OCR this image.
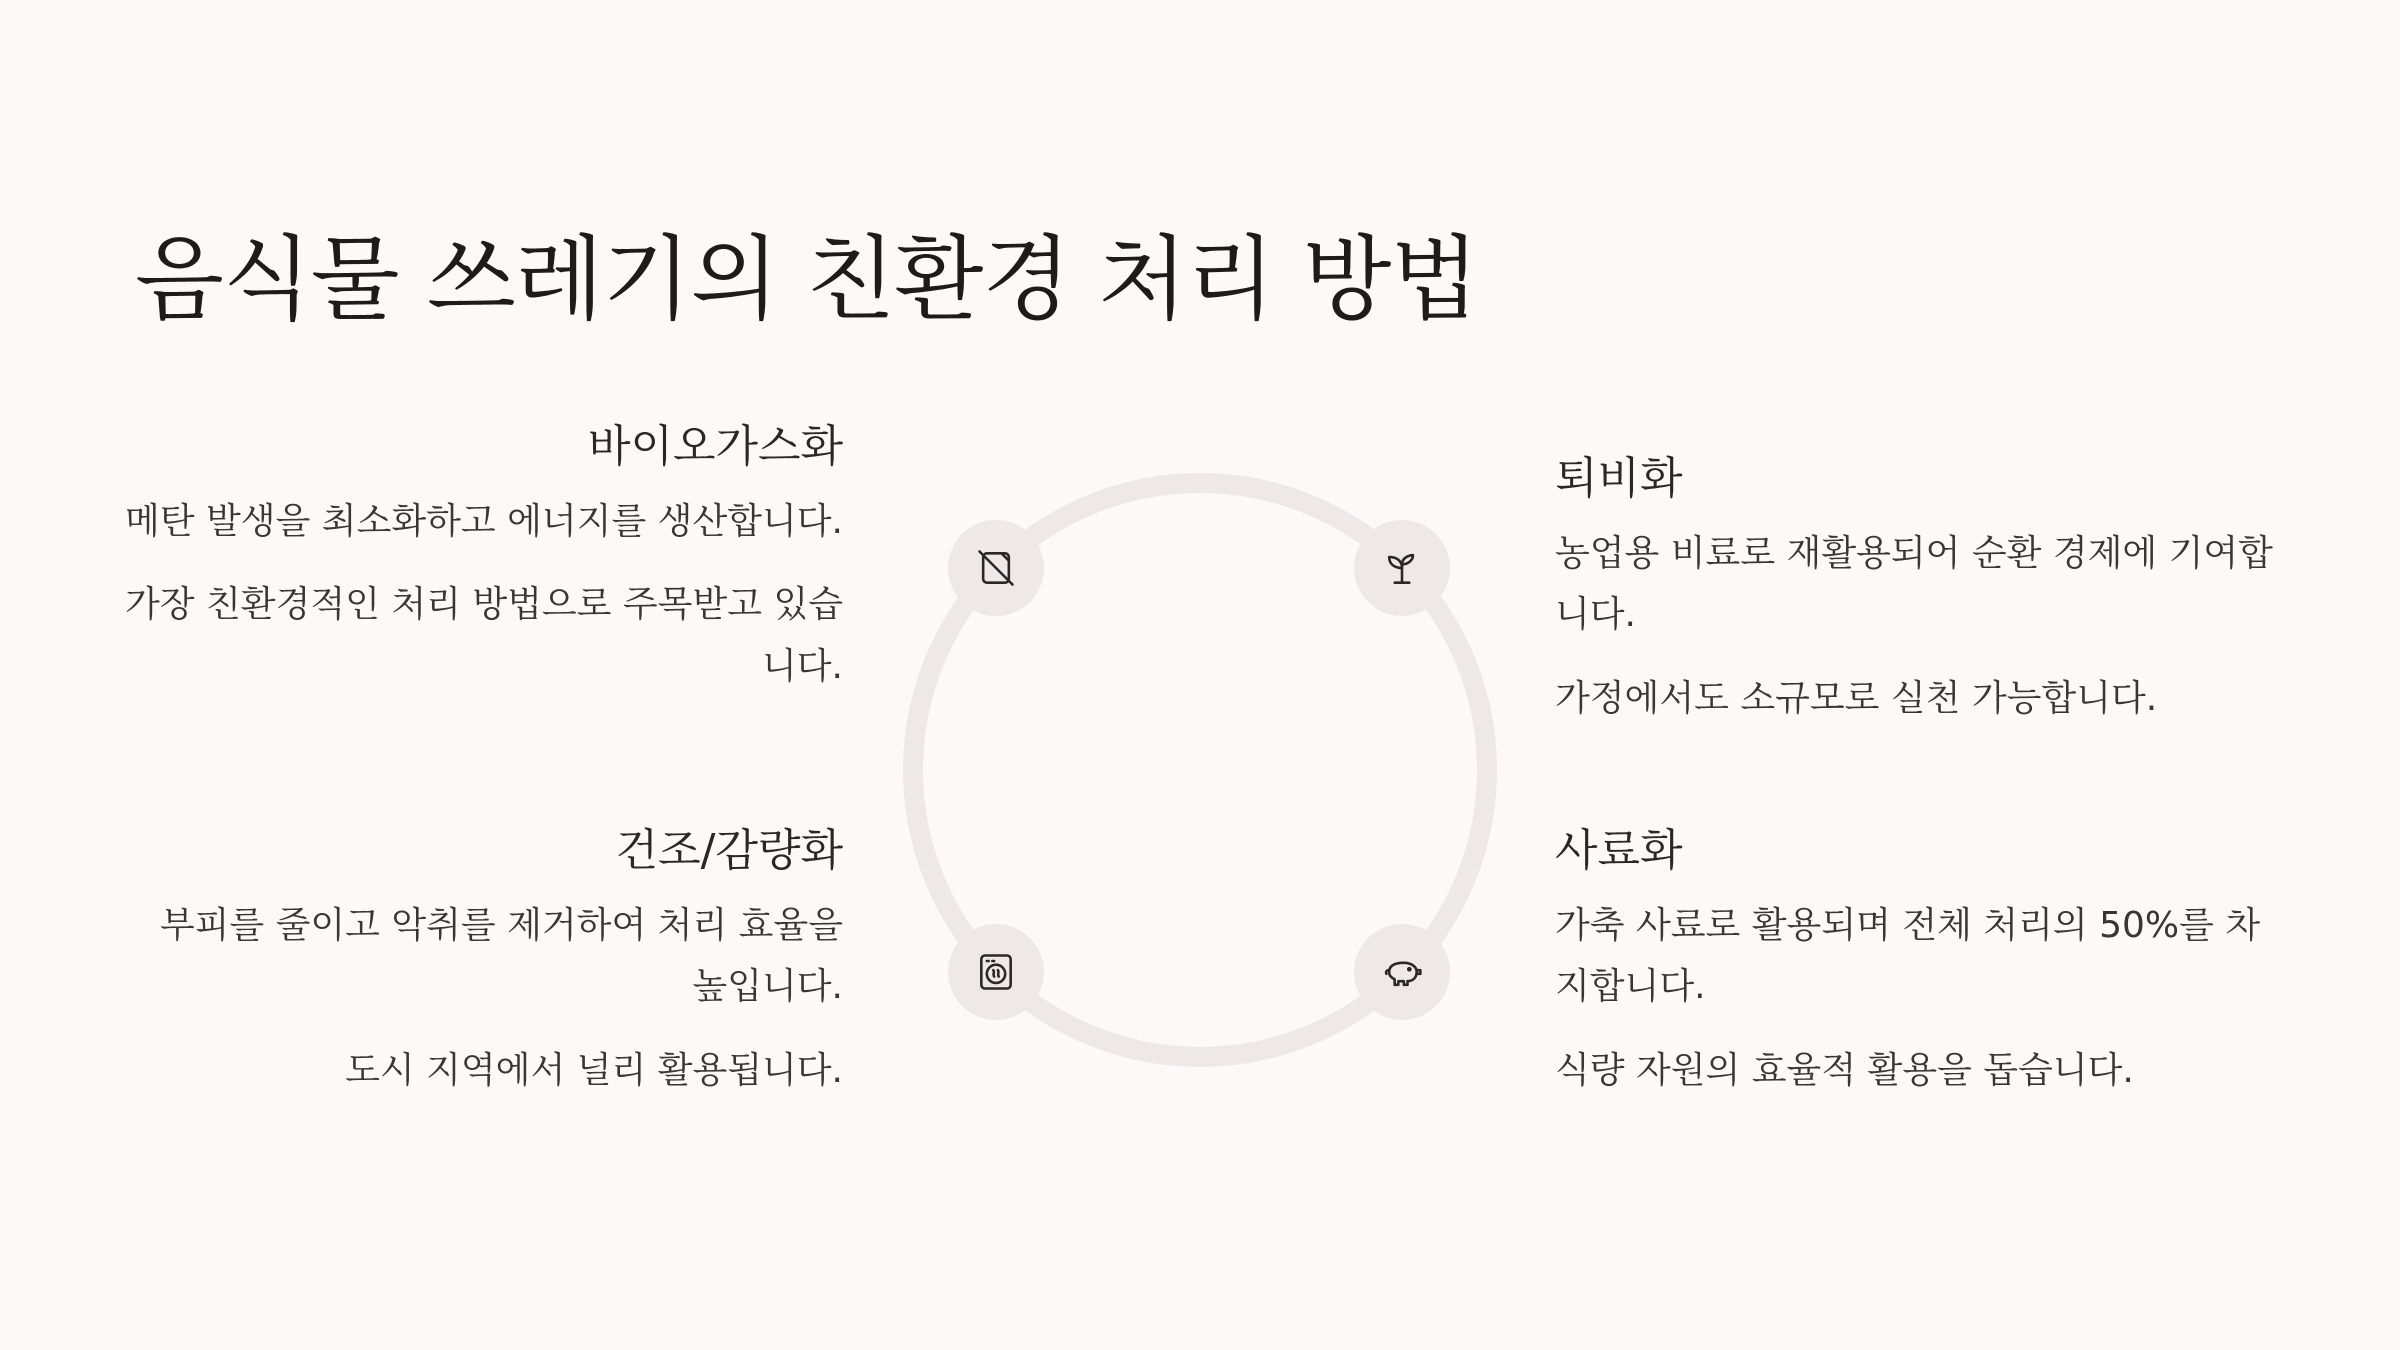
음식물 쓰레기의 친환경 처리 방법
바이오가스화

메탄 발생을 최소화하고 에너지를 생산합니다.

가장 친환경적인 처리 방법으로 주목받고 있습니다.

건조/감량화

부피를 줄이고 악취를 제거하여 처리 효율을 높입니다.

도시 지역에서 널리 활용됩니다.

퇴비화

농업용 비료로 재활용되어 순환 경제에 기여합니다.

가정에서도 소규모로 실천 가능합니다.

사료화

가축 사료로 활용되며 전체 처리의 50%를 차지합니다.

식량 자원의 효율적 활용을 돕습니다.
